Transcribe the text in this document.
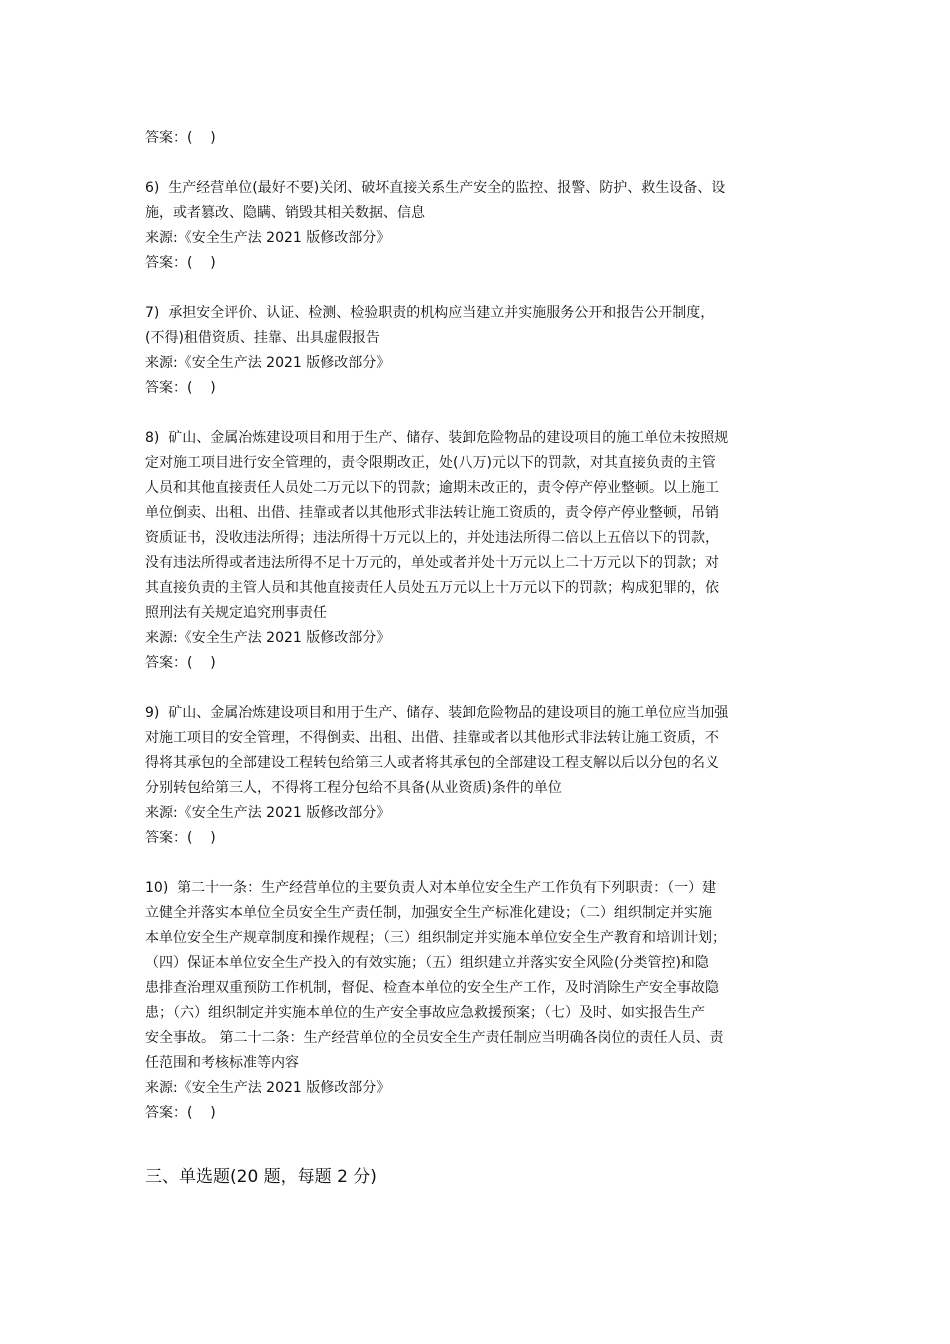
答案：(    )

6)  生产经营单位(最好不要)关闭、破坏直接关系生产安全的监控、报警、防护、救生设备、设

施，或者篡改、隐瞒、销毁其相关数据、信息

来源:《安全生产法 2021 版修改部分》

答案：(    )

7)  承担安全评价、认证、检测、检验职责的机构应当建立并实施服务公开和报告公开制度，

(不得)租借资质、挂靠、出具虚假报告

来源:《安全生产法 2021 版修改部分》

答案：(    )

8)  矿山、金属冶炼建设项目和用于生产、储存、装卸危险物品的建设项目的施工单位未按照规

定对施工项目进行安全管理的，责令限期改正，处(八万)元以下的罚款，对其直接负责的主管

人员和其他直接责任人员处二万元以下的罚款；逾期未改正的，责令停产停业整顿。以上施工

单位倒卖、出租、出借、挂靠或者以其他形式非法转让施工资质的，责令停产停业整顿，吊销

资质证书，没收违法所得；违法所得十万元以上的，并处违法所得二倍以上五倍以下的罚款，

没有违法所得或者违法所得不足十万元的，单处或者并处十万元以上二十万元以下的罚款；对

其直接负责的主管人员和其他直接责任人员处五万元以上十万元以下的罚款；构成犯罪的，依

照刑法有关规定追究刑事责任

来源:《安全生产法 2021 版修改部分》

答案：(    )

9)  矿山、金属冶炼建设项目和用于生产、储存、装卸危险物品的建设项目的施工单位应当加强

对施工项目的安全管理，不得倒卖、出租、出借、挂靠或者以其他形式非法转让施工资质，不

得将其承包的全部建设工程转包给第三人或者将其承包的全部建设工程支解以后以分包的名义

分别转包给第三人，不得将工程分包给不具备(从业资质)条件的单位

来源:《安全生产法 2021 版修改部分》

答案：(    )

10)  第二十一条：生产经营单位的主要负责人对本单位安全生产工作负有下列职责：（一）建

立健全并落实本单位全员安全生产责任制，加强安全生产标准化建设；（二）组织制定并实施

本单位安全生产规章制度和操作规程；（三）组织制定并实施本单位安全生产教育和培训计划；

（四）保证本单位安全生产投入的有效实施；（五）组织建立并落实安全风险(分类管控)和隐

患排查治理双重预防工作机制，督促、检查本单位的安全生产工作，及时消除生产安全事故隐

患；（六）组织制定并实施本单位的生产安全事故应急救援预案；（七）及时、如实报告生产

安全事故。 第二十二条：生产经营单位的全员安全生产责任制应当明确各岗位的责任人员、责

任范围和考核标准等内容

来源:《安全生产法 2021 版修改部分》

答案：(    )

三、单选题(20 题，每题 2 分)
